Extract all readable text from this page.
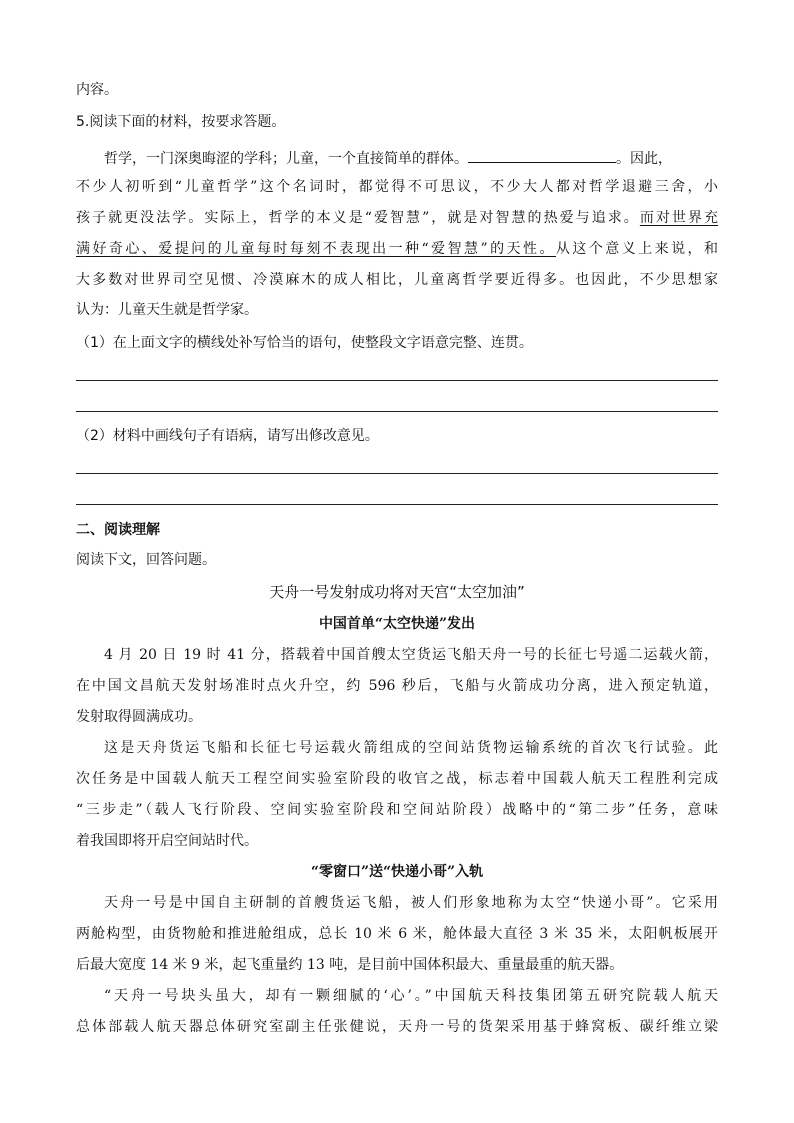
内容。
5.阅读下面的材料，按要求答题。
哲学，一门深奥晦涩的学科；儿童，一个直接简单的群体。	。因此，
不少人初听到“儿童哲学”这个名词时，都觉得不可思议，不少大人都对哲学退避三舍，小
孩子就更没法学。实际上，哲学的本义是“爱智慧”，就是对智慧的热爱与追求。而对世界充
满好奇心、爱提问的儿童每时每刻不表现出一种“爱智慧”的天性。从这个意义上来说，和
大多数对世界司空见惯、冷漠麻木的成人相比，儿童离哲学要近得多。也因此，不少思想家
认为：儿童天生就是哲学家。
（1）在上面文字的横线处补写恰当的语句，使整段文字语意完整、连贯。
（2）材料中画线句子有语病，请写出修改意见。
二、阅读理解
阅读下文，回答问题。
天舟一号发射成功将对天宫“太空加油”
中国首单“太空快递”发出
4 月 20 日 19 时 41 分，搭载着中国首艘太空货运飞船天舟一号的长征七号遥二运载火箭，
在中国文昌航天发射场准时点火升空，约 596 秒后，飞船与火箭成功分离，进入预定轨道，
发射取得圆满成功。
这是天舟货运飞船和长征七号运载火箭组成的空间站货物运输系统的首次飞行试验。此
次任务是中国载人航天工程空间实验室阶段的收官之战，标志着中国载人航天工程胜利完成
“三步走”（载人飞行阶段、空间实验室阶段和空间站阶段）战略中的“第二步”任务，意味
着我国即将开启空间站时代。
“零窗口”送“快递小哥”入轨
天舟一号是中国自主研制的首艘货运飞船，被人们形象地称为太空“快递小哥”。它采用
两舱构型，由货物舱和推进舱组成，总长 10 米 6 米，舱体最大直径 3 米 35 米，太阳帆板展开
后最大宽度 14 米 9 米，起飞重量约 13 吨，是目前中国体积最大、重量最重的航天器。
“天舟一号块头虽大，却有一颗细腻的‘心’。”中国航天科技集团第五研究院载人航天
总体部载人航天器总体研究室副主任张健说，天舟一号的货架采用基于蜂窝板、碳纤维立梁
